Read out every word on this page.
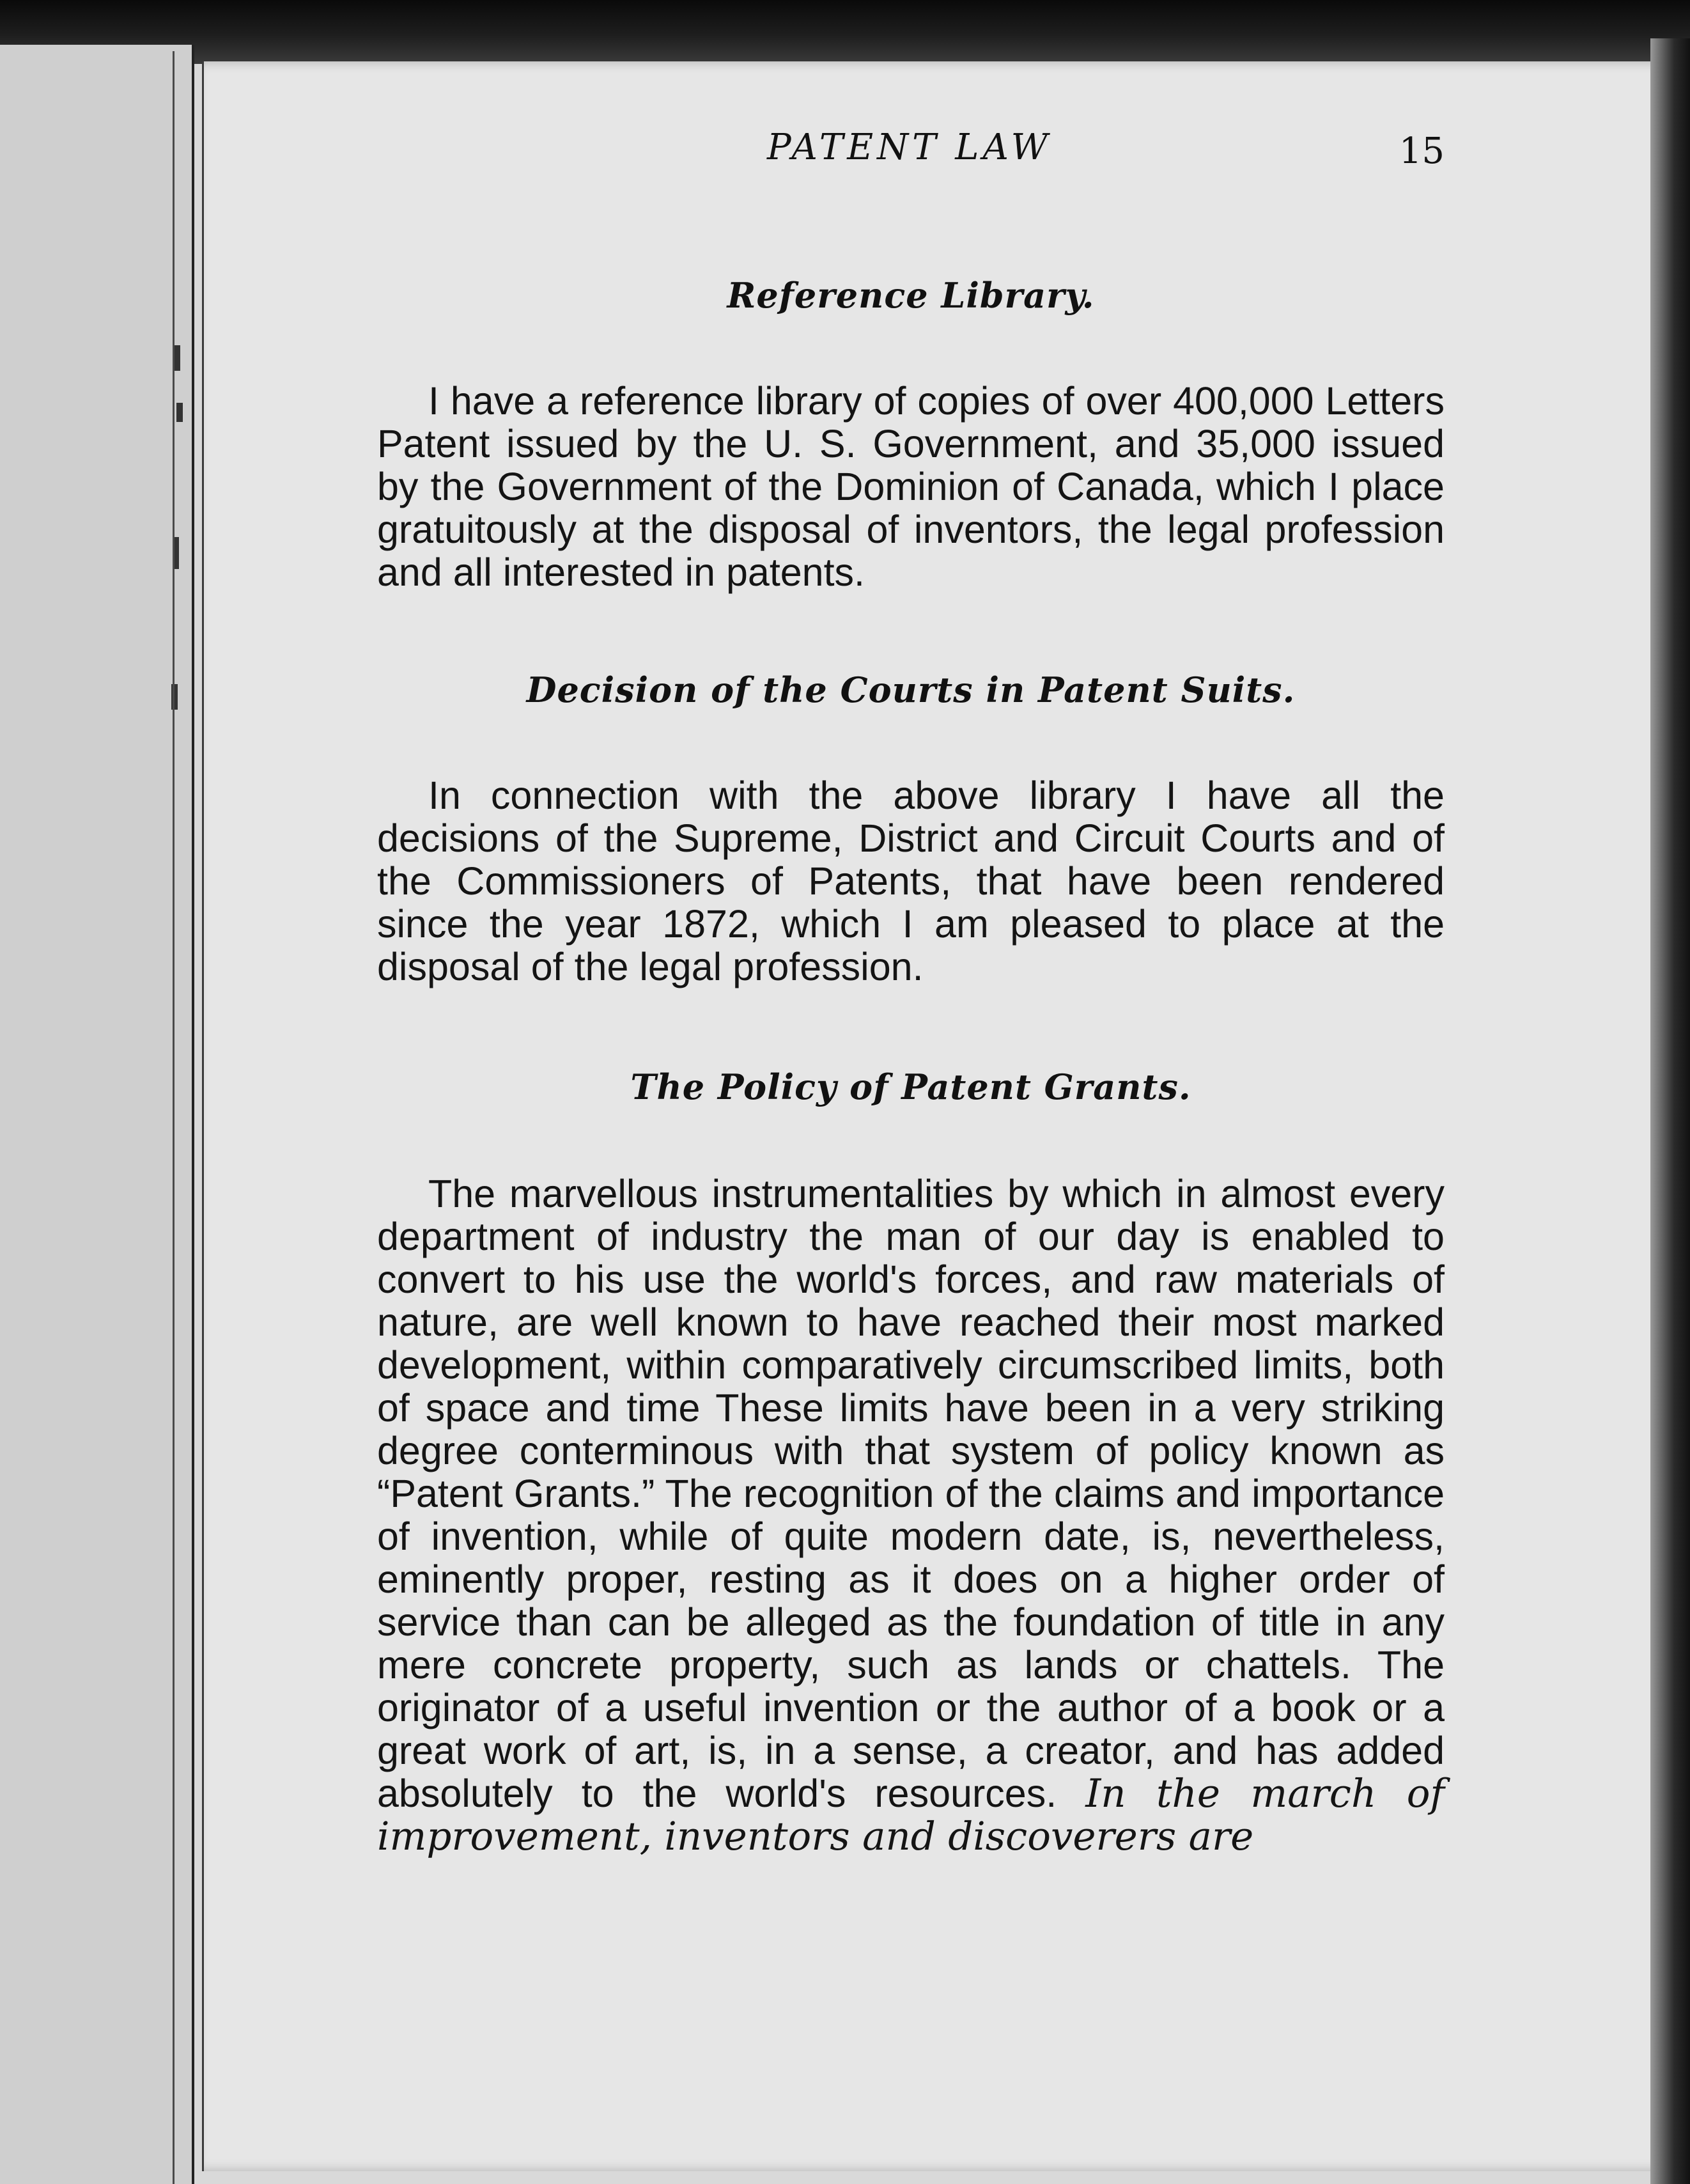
PATENT LAW	15
Reference Library.

I have a reference library of copies of over 400,000 Letters Patent issued by the U. S. Government, and 35,000 issued by the Government of the Dominion of Canada, which I place gratuitously at the disposal of inventors, the legal profession and all interested in patents.

Decision of the Courts in Patent Suits.

In connection with the above library I have all the decisions of the Supreme, District and Circuit Courts and of the Commissioners of Patents, that have been rendered since the year 1872, which I am pleased to place at the disposal of the legal profession.

The Policy of Patent Grants.

The marvellous instrumentalities by which in almost every department of industry the man of our day is enabled to convert to his use the world's forces, and raw materials of nature, are well known to have reached their most marked development, within comparatively circumscribed limits, both of space and time These limits have been in a very striking degree conterminous with that system of policy known as “Patent Grants.” The recognition of the claims and importance of invention, while of quite modern date, is, nevertheless, eminently proper, resting as it does on a higher order of service than can be alleged as the foundation of title in any mere concrete property, such as lands or chattels. The originator of a useful invention or the author of a book or a great work of art, is, in a sense, a creator, and has added absolutely to the world's resources. In the march of improvement, inventors and discoverers are
